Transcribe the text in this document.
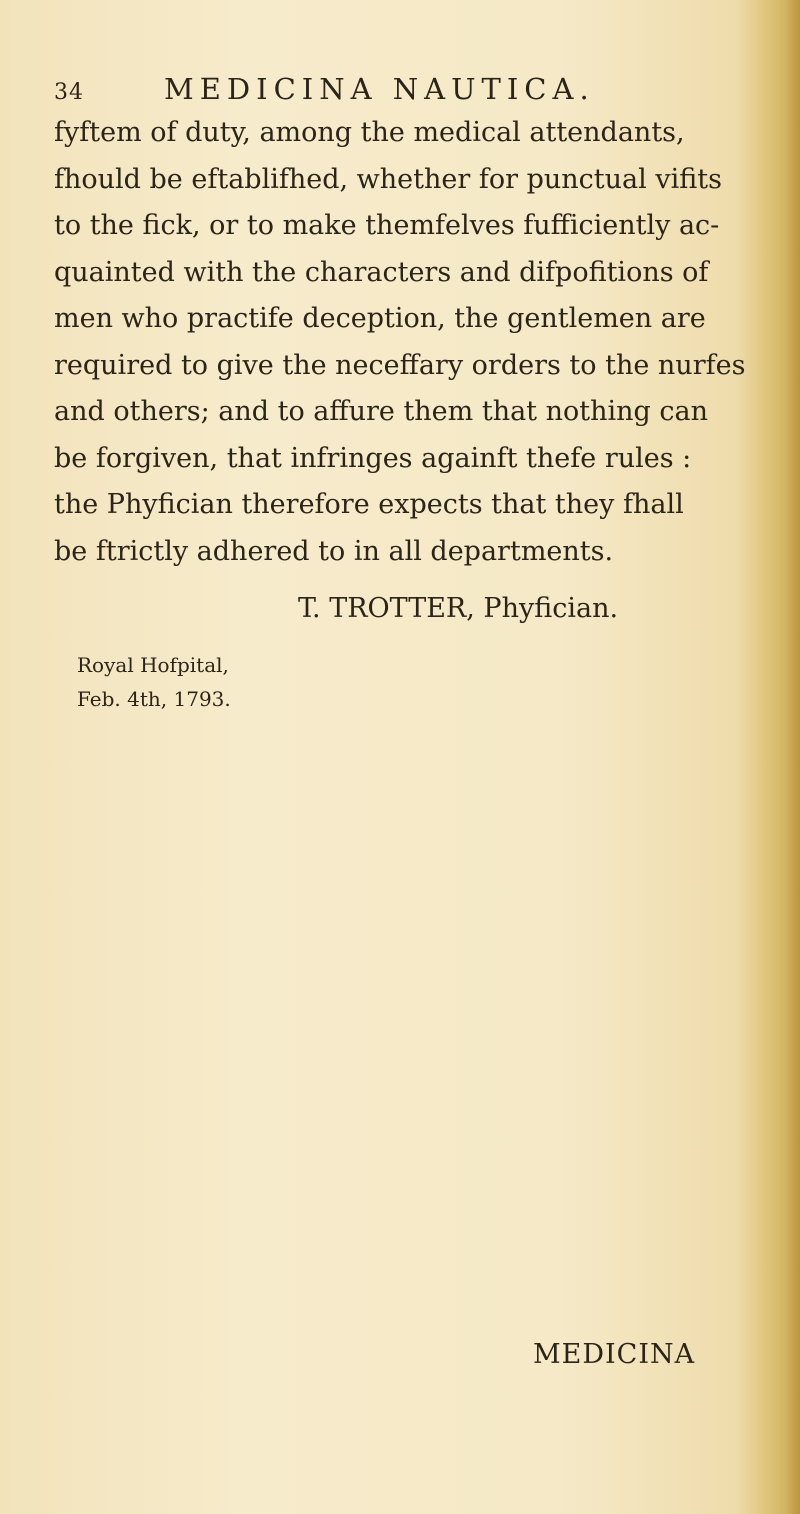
34	MEDICINA NAUTICA.
fyftem of duty, among the medical attendants,
fhould be eftablifhed, whether for punctual vifits
to the fick, or to make themfelves fufficiently ac-
quainted with the characters and difpofitions of
men who practife deception, the gentlemen are
required to give the neceffary orders to the nurfes
and others; and to affure them that nothing can
be forgiven, that infringes againft thefe rules :
the Phyfician therefore expects that they fhall
be ftrictly adhered to in all departments.
T. TROTTER, Phyfician.
Royal Hofpital,
Feb. 4th, 1793.
MEDICINA
